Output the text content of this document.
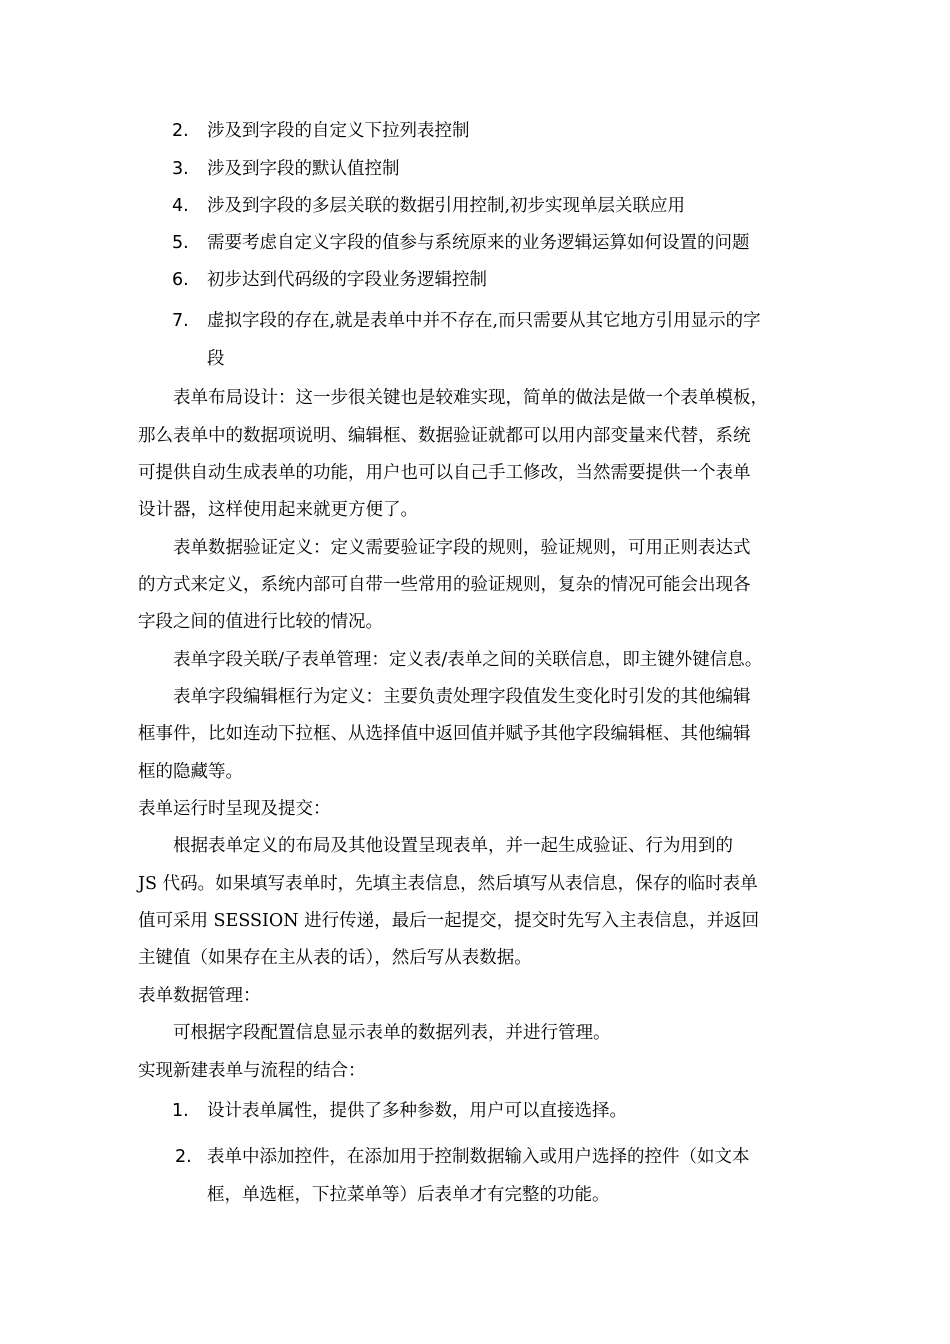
2. 涉及到字段的自定义下拉列表控制
3. 涉及到字段的默认值控制
4. 涉及到字段的多层关联的数据引用控制,初步实现单层关联应用
5. 需要考虑自定义字段的值参与系统原来的业务逻辑运算如何设置的问题
6. 初步达到代码级的字段业务逻辑控制
7. 虚拟字段的存在,就是表单中并不存在,而只需要从其它地方引用显示的字
段
表单布局设计：这一步很关键也是较难实现，简单的做法是做一个表单模板，
那么表单中的数据项说明、编辑框、数据验证就都可以用内部变量来代替，系统
可提供自动生成表单的功能，用户也可以自己手工修改，当然需要提供一个表单
设计器，这样使用起来就更方便了。
表单数据验证定义：定义需要验证字段的规则，验证规则，可用正则表达式
的方式来定义，系统内部可自带一些常用的验证规则，复杂的情况可能会出现各
字段之间的值进行比较的情况。
表单字段关联/子表单管理：定义表/表单之间的关联信息，即主键外键信息。
表单字段编辑框行为定义：主要负责处理字段值发生变化时引发的其他编辑
框事件，比如连动下拉框、从选择值中返回值并赋予其他字段编辑框、其他编辑
框的隐藏等。
表单运行时呈现及提交：
根据表单定义的布局及其他设置呈现表单，并一起生成验证、行为用到的
JS 代码。如果填写表单时，先填主表信息，然后填写从表信息，保存的临时表单
值可采用 SESSION 进行传递，最后一起提交，提交时先写入主表信息，并返回
主键值（如果存在主从表的话），然后写从表数据。
表单数据管理：
可根据字段配置信息显示表单的数据列表，并进行管理。
实现新建表单与流程的结合：
1. 设计表单属性，提供了多种参数，用户可以直接选择。
2. 表单中添加控件，在添加用于控制数据输入或用户选择的控件（如文本
框，单选框，下拉菜单等）后表单才有完整的功能。
